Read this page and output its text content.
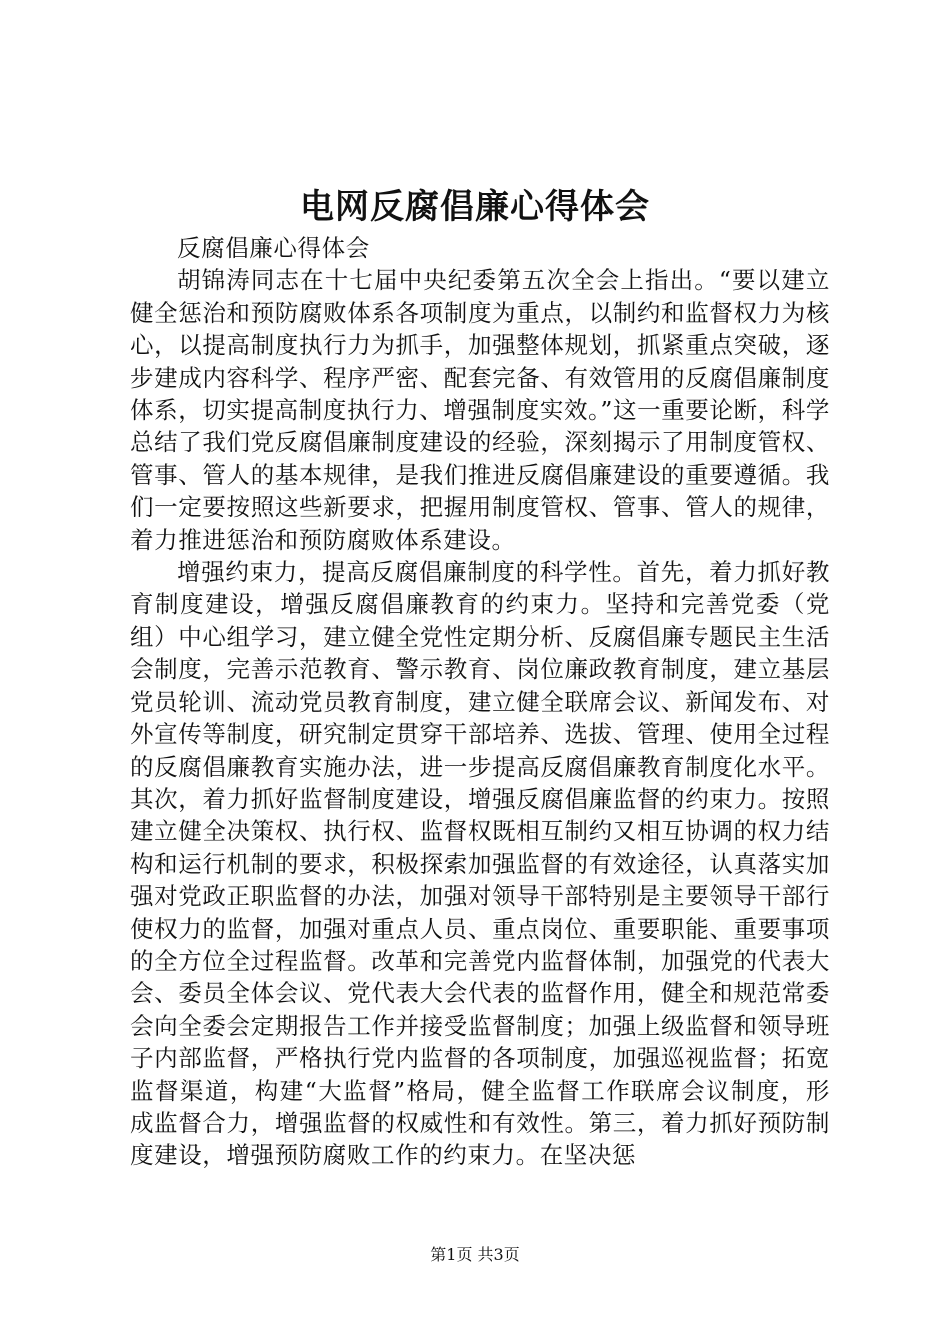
电网反腐倡廉心得体会

反腐倡廉心得体会

胡锦涛同志在十七届中央纪委第五次全会上指出。“要以建立健全惩治和预防腐败体系各项制度为重点，以制约和监督权力为核心，以提高制度执行力为抓手，加强整体规划，抓紧重点突破，逐步建成内容科学、程序严密、配套完备、有效管用的反腐倡廉制度体系，切实提高制度执行力、增强制度实效。”这一重要论断，科学总结了我们党反腐倡廉制度建设的经验，深刻揭示了用制度管权、管事、管人的基本规律，是我们推进反腐倡廉建设的重要遵循。我们一定要按照这些新要求，把握用制度管权、管事、管人的规律，着力推进惩治和预防腐败体系建设。

增强约束力，提高反腐倡廉制度的科学性。首先，着力抓好教育制度建设，增强反腐倡廉教育的约束力。坚持和完善党委（党组）中心组学习，建立健全党性定期分析、反腐倡廉专题民主生活会制度，完善示范教育、警示教育、岗位廉政教育制度，建立基层党员轮训、流动党员教育制度，建立健全联席会议、新闻发布、对外宣传等制度，研究制定贯穿干部培养、选拔、管理、使用全过程的反腐倡廉教育实施办法，进一步提高反腐倡廉教育制度化水平。其次，着力抓好监督制度建设，增强反腐倡廉监督的约束力。按照建立健全决策权、执行权、监督权既相互制约又相互协调的权力结构和运行机制的要求，积极探索加强监督的有效途径，认真落实加强对党政正职监督的办法，加强对领导干部特别是主要领导干部行使权力的监督，加强对重点人员、重点岗位、重要职能、重要事项的全方位全过程监督。改革和完善党内监督体制，加强党的代表大会、委员全体会议、党代表大会代表的监督作用，健全和规范常委会向全委会定期报告工作并接受监督制度；加强上级监督和领导班子内部监督，严格执行党内监督的各项制度，加强巡视监督；拓宽监督渠道，构建“大监督”格局，健全监督工作联席会议制度，形成监督合力，增强监督的权威性和有效性。第三，着力抓好预防制度建设，增强预防腐败工作的约束力。在坚决惩

第1页 共3页
